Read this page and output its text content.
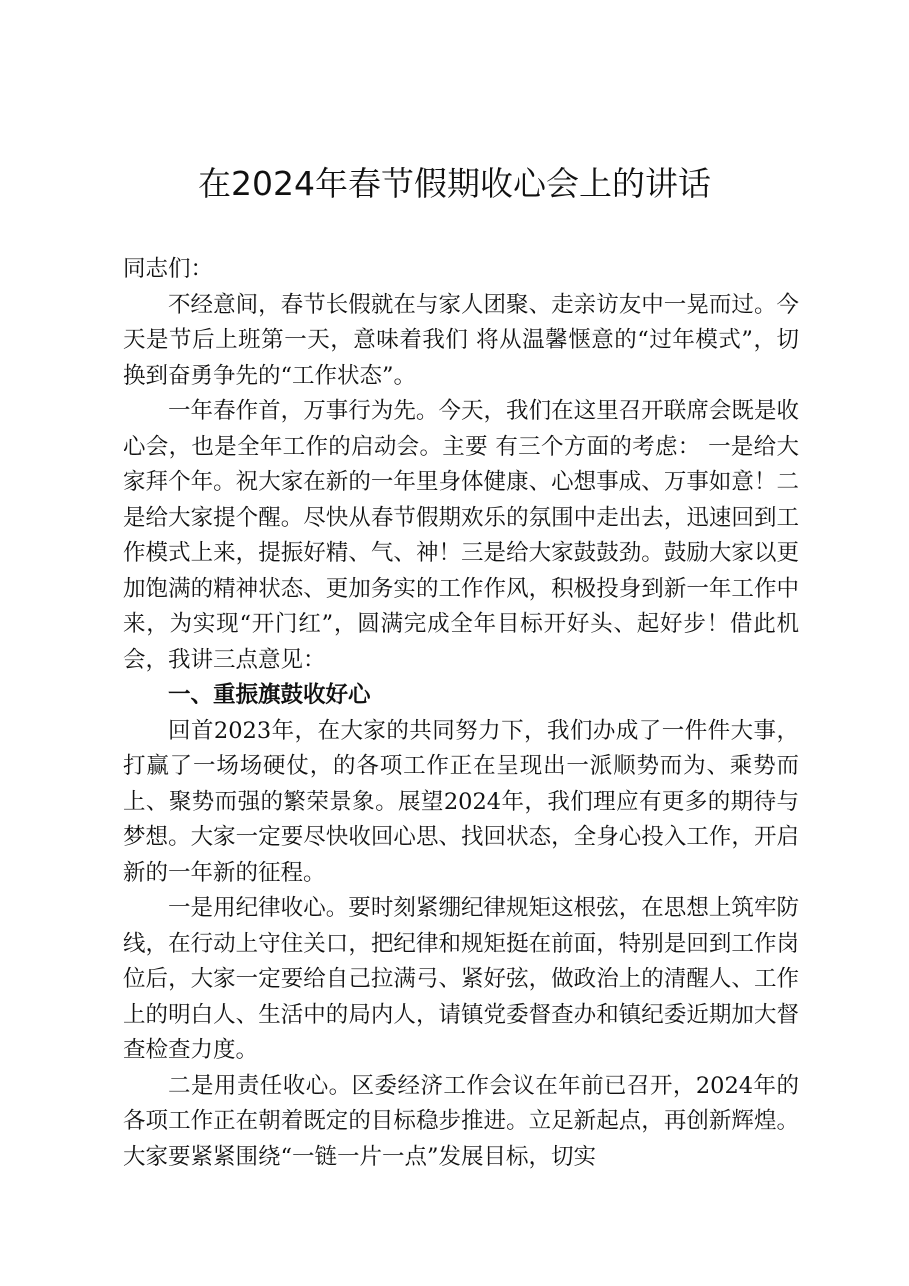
在2024年春节假期收心会上的讲话

同志们：

不经意间，春节长假就在与家人团聚、走亲访友中一晃而过。今天是节后上班第一天，意味着我们 将从温馨惬意的“过年模式”，切换到奋勇争先的“工作状态”。

一年春作首，万事行为先。今天，我们在这里召开联席会既是收心会，也是全年工作的启动会。主要 有三个方面的考虑： 一是给大家拜个年。祝大家在新的一年里身体健康、心想事成、万事如意！二是给大家提个醒。尽快从春节假期欢乐的氛围中走出去，迅速回到工作模式上来，提振好精、气、神！三是给大家鼓鼓劲。鼓励大家以更加饱满的精神状态、更加务实的工作作风，积极投身到新一年工作中来，为实现“开门红”，圆满完成全年目标开好头、起好步！借此机会，我讲三点意见：

一、重振旗鼓收好心

回首2023年，在大家的共同努力下，我们办成了一件件大事，打赢了一场场硬仗，的各项工作正在呈现出一派顺势而为、乘势而上、聚势而强的繁荣景象。展望2024年，我们理应有更多的期待与梦想。大家一定要尽快收回心思、找回状态，全身心投入工作，开启新的一年新的征程。

一是用纪律收心。要时刻紧绷纪律规矩这根弦，在思想上筑牢防线，在行动上守住关口，把纪律和规矩挺在前面，特别是回到工作岗位后，大家一定要给自己拉满弓、紧好弦，做政治上的清醒人、工作上的明白人、生活中的局内人，请镇党委督查办和镇纪委近期加大督查检查力度。

二是用责任收心。区委经济工作会议在年前已召开，2024年的各项工作正在朝着既定的目标稳步推进。立足新起点，再创新辉煌。大家要紧紧围绕“一链一片一点”发展目标，切实
